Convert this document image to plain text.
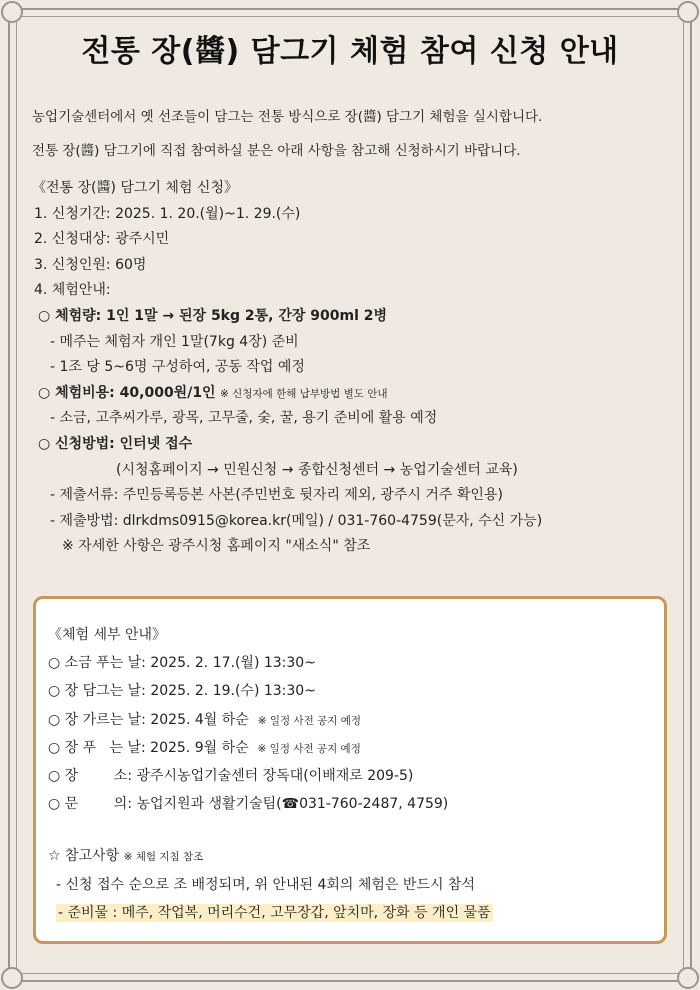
전통 장(醬) 담그기 체험 참여 신청 안내
농업기술센터에서 옛 선조들이 담그는 전통 방식으로 장(醬) 담그기 체험을 실시합니다.
전통 장(醬) 담그기에 직접 참여하실 분은 아래 사항을 참고해 신청하시기 바랍니다.
《전통 장(醬) 담그기 체험 신청》
1. 신청기간: 2025. 1. 20.(월)~1. 29.(수)
2. 신청대상: 광주시민
3. 신청인원: 60명
4. 체험안내:
○ 체험량: 1인 1말 → 된장 5kg 2통, 간장 900ml 2병
- 메주는 체험자 개인 1말(7kg 4장) 준비
- 1조 당 5~6명 구성하여, 공동 작업 예정
○ 체험비용: 40,000원/1인 ※ 신청자에 한해 납부방법 별도 안내
- 소금, 고추씨가루, 광목, 고무줄, 숯, 꿀, 용기 준비에 활용 예정
○ 신청방법: 인터넷 접수
(시청홈페이지 → 민원신청 → 종합신청센터 → 농업기술센터 교육)
- 제출서류: 주민등록등본 사본(주민번호 뒷자리 제외, 광주시 거주 확인용)
- 제출방법: dlrkdms0915@korea.kr(메일) / 031-760-4759(문자, 수신 가능)
※ 자세한 사항은 광주시청 홈페이지 "새소식" 참조
《체험 세부 안내》
○ 소금 푸는 날: 2025. 2. 17.(월) 13:30~
○ 장 담그는 날: 2025. 2. 19.(수) 13:30~
○ 장 가르는 날: 2025. 4월 하순 ※ 일정 사전 공지 예정
○ 장 푸   는 날: 2025. 9월 하순 ※ 일정 사전 공지 예정
○ 장        소: 광주시농업기술센터 장독대(이배재로 209-5)
○ 문        의: 농업지원과 생활기술팀(☎031-760-2487, 4759)
☆ 참고사항 ※ 체험 지침 참조
- 신청 접수 순으로 조 배정되며, 위 안내된 4회의 체험은 반드시 참석
- 준비물 : 메주, 작업복, 머리수건, 고무장갑, 앞치마, 장화 등 개인 물품
